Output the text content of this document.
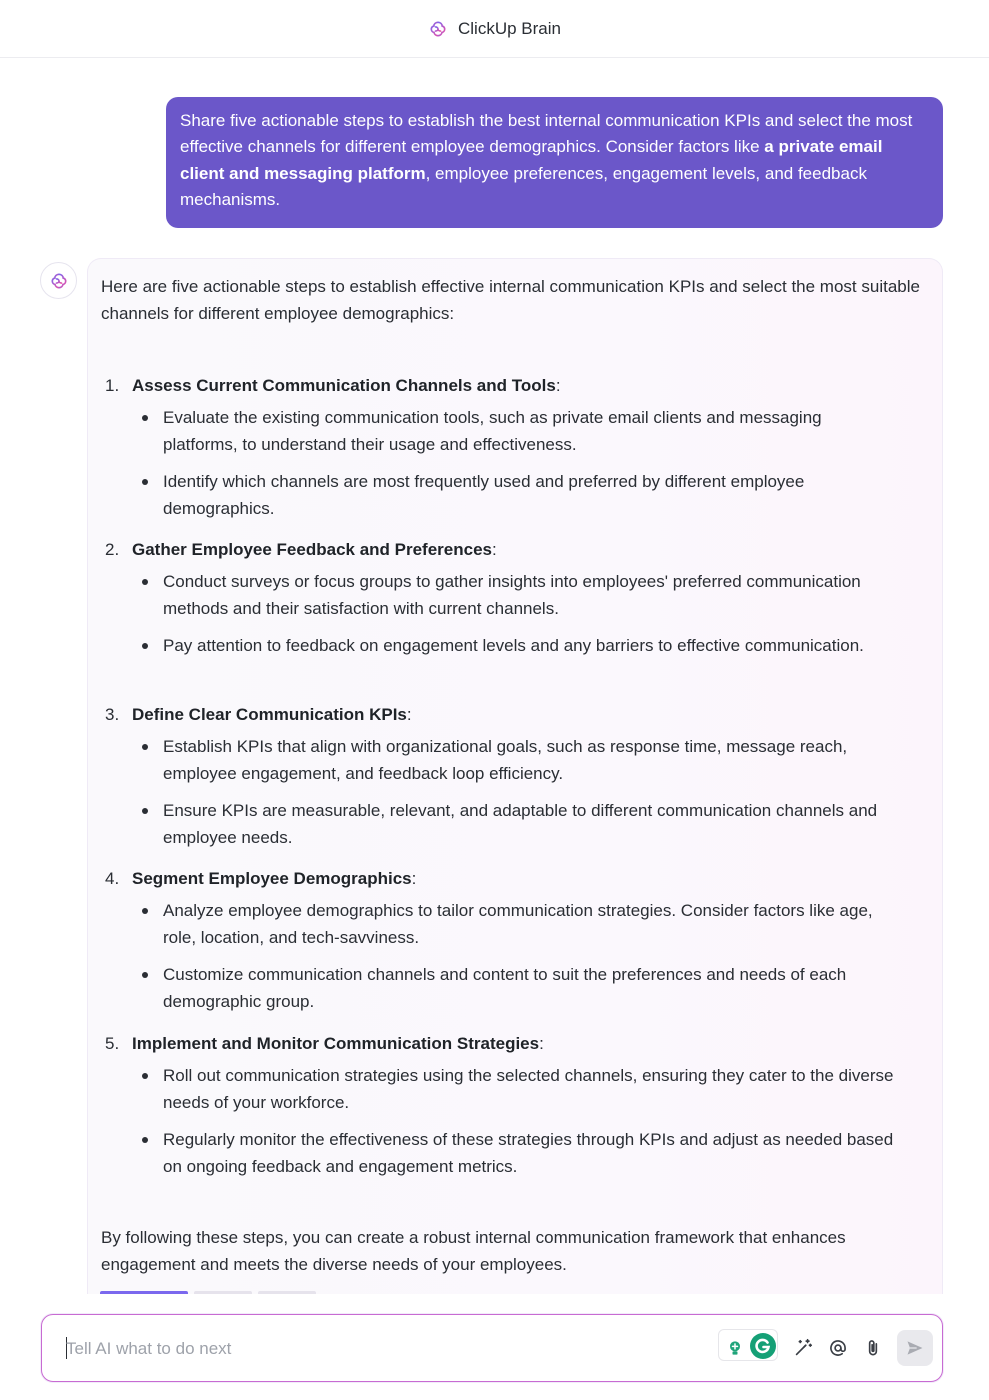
ClickUp Brain
Share five actionable steps to establish the best internal communication KPIs and select the most effective channels for different employee demographics. Consider factors like a private email client and messaging platform, employee preferences, engagement levels, and feedback mechanisms.
Here are five actionable steps to establish effective internal communication KPIs and select the most suitable channels for different employee demographics:
1. Assess Current Communication Channels and Tools:
Evaluate the existing communication tools, such as private email clients and messaging platforms, to understand their usage and effectiveness.
Identify which channels are most frequently used and preferred by different employee demographics.
2. Gather Employee Feedback and Preferences:
Conduct surveys or focus groups to gather insights into employees' preferred communication methods and their satisfaction with current channels.
Pay attention to feedback on engagement levels and any barriers to effective communication.
3. Define Clear Communication KPIs:
Establish KPIs that align with organizational goals, such as response time, message reach, employee engagement, and feedback loop efficiency.
Ensure KPIs are measurable, relevant, and adaptable to different communication channels and employee needs.
4. Segment Employee Demographics:
Analyze employee demographics to tailor communication strategies. Consider factors like age, role, location, and tech-savviness.
Customize communication channels and content to suit the preferences and needs of each demographic group.
5. Implement and Monitor Communication Strategies:
Roll out communication strategies using the selected channels, ensuring they cater to the diverse needs of your workforce.
Regularly monitor the effectiveness of these strategies through KPIs and adjust as needed based on ongoing feedback and engagement metrics.
By following these steps, you can create a robust internal communication framework that enhances engagement and meets the diverse needs of your employees.
Tell AI what to do next
